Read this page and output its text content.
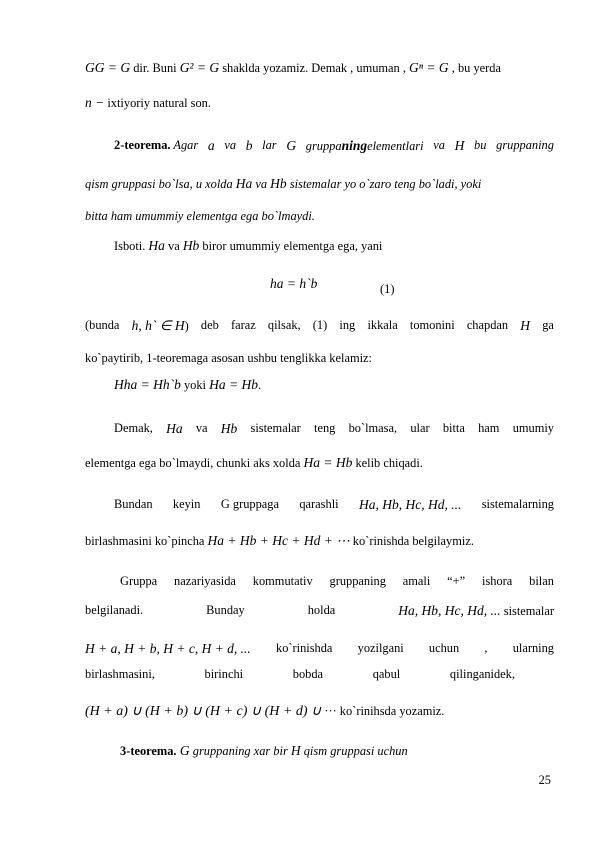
GG = G dir. Buni G² = G shaklda yozamiz. Demak , umuman , Gⁿ = G , bu yerda
n − ixtiyoriy natural son.
2-teorema. Agar a va b lar G gruppaningelementlari va H bu gruppaning
qism gruppasi bo`lsa, u xolda Ha va Hb sistemalar yo o`zaro teng bo`ladi, yoki
bitta ham umummiy elementga ega bo`lmaydi.
Isboti. Ha va Hb biror umummiy elementga ega, yani
ha = h`b	(1)
(bunda h, h` ∈ H) deb faraz qilsak, (1) ing ikkala tomonini chapdan H ga
ko`paytirib, 1-teoremaga asosan ushbu tenglikka kelamiz:
Hha = Hh`b yoki Ha = Hb.
Demak, Ha va Hb sistemalar teng bo`lmasa, ular bitta ham umumiy
elementga ega bo`lmaydi, chunki aks xolda Ha = Hb kelib chiqadi.
Bundan keyin G gruppaga qarashli Ha, Hb, Hc, Hd, ... sistemalarning
birlashmasini ko`pincha Ha + Hb + Hc + Hd + ⋯ ko`rinishda belgilaymiz.
Gruppa nazariyasida kommutativ gruppaning amali “+” ishora bilan
belgilanadi.	Bunday	holda	Ha, Hb, Hc, Hd, ... sistemalar
H + a, H + b, H + c, H + d, ... ko`rinishda yozilgani uchun , ularning
birlashmasini,	birinchi	bobda	qabul	qilinganidek,
(H + a) ∪ (H + b) ∪ (H + c) ∪ (H + d) ∪ ··· ko`rinihsda yozamiz.
3-teorema. G gruppaning xar bir H qism gruppasi uchun
25
